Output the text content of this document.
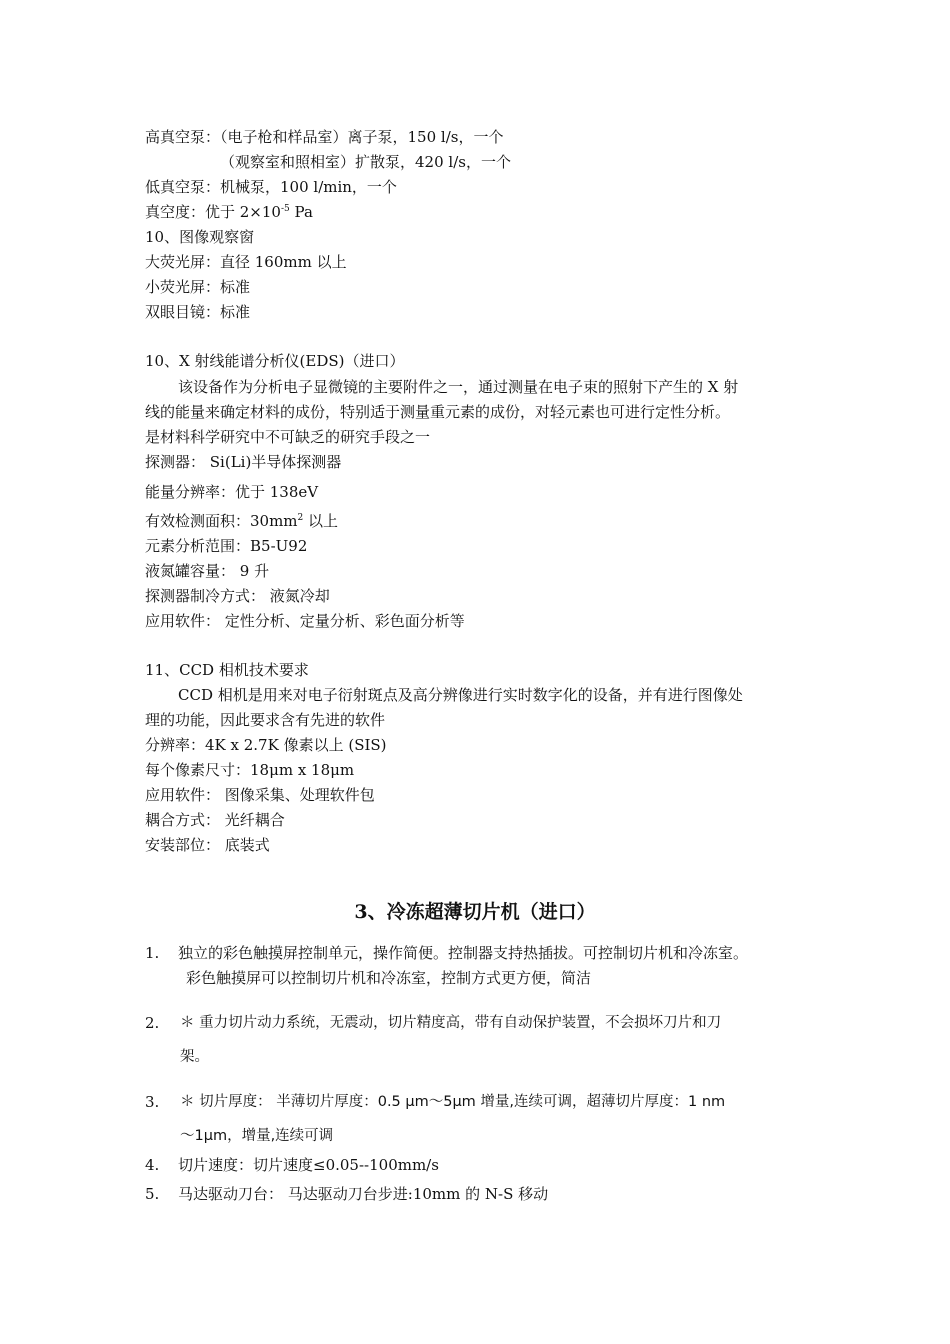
高真空泵：（电子枪和样品室）离子泵，150 l/s，一个
（观察室和照相室）扩散泵，420 l/s，一个
低真空泵：机械泵，100 l/min，一个
真空度：优于 $2\times 10^{-5}$ Pa
10、图像观察窗
大荧光屏：直径 160mm 以上
小荧光屏：标准
双眼目镜：标准
10、X 射线能谱分析仪(EDS)（进口）
该设备作为分析电子显微镜的主要附件之一，通过测量在电子束的照射下产生的 X 射
线的能量来确定材料的成份，特别适于测量重元素的成份，对轻元素也可进行定性分析。
是材料科学研究中不可缺乏的研究手段之一
探测器： Si(Li)半导体探测器
能量分辨率：优于 138eV
有效检测面积：$30mm^2$ 以上
元素分析范围：B5-U92
液氮罐容量： 9 升
探测器制冷方式： 液氮冷却
应用软件： 定性分析、定量分析、彩色面分析等
11、CCD 相机技术要求
CCD 相机是用来对电子衍射斑点及高分辨像进行实时数字化的设备，并有进行图像处
理的功能，因此要求含有先进的软件
分辨率：4K x 2.7K 像素以上 (SIS)
每个像素尺寸：18μm x 18μm
应用软件： 图像采集、处理软件包
耦合方式： 光纤耦合
安装部位： 底装式
3、冷冻超薄切片机（进口）
1. 独立的彩色触摸屏控制单元，操作简便。控制器支持热插拔。可控制切片机和冷冻室。
彩色触摸屏可以控制切片机和冷冻室，控制方式更方便，简洁
2. ＊ 重力切片动力系统，无震动，切片精度高，带有自动保护装置，不会损坏刀片和刀
架。
3. ＊ 切片厚度： 半薄切片厚度：0.5 μm～5μm 增量,连续可调，超薄切片厚度：1 nm
～1μm，增量,连续可调
4. 切片速度：切片速度≤0.05--100mm/s
5. 马达驱动刀台： 马达驱动刀台步进:10mm 的 N-S 移动
